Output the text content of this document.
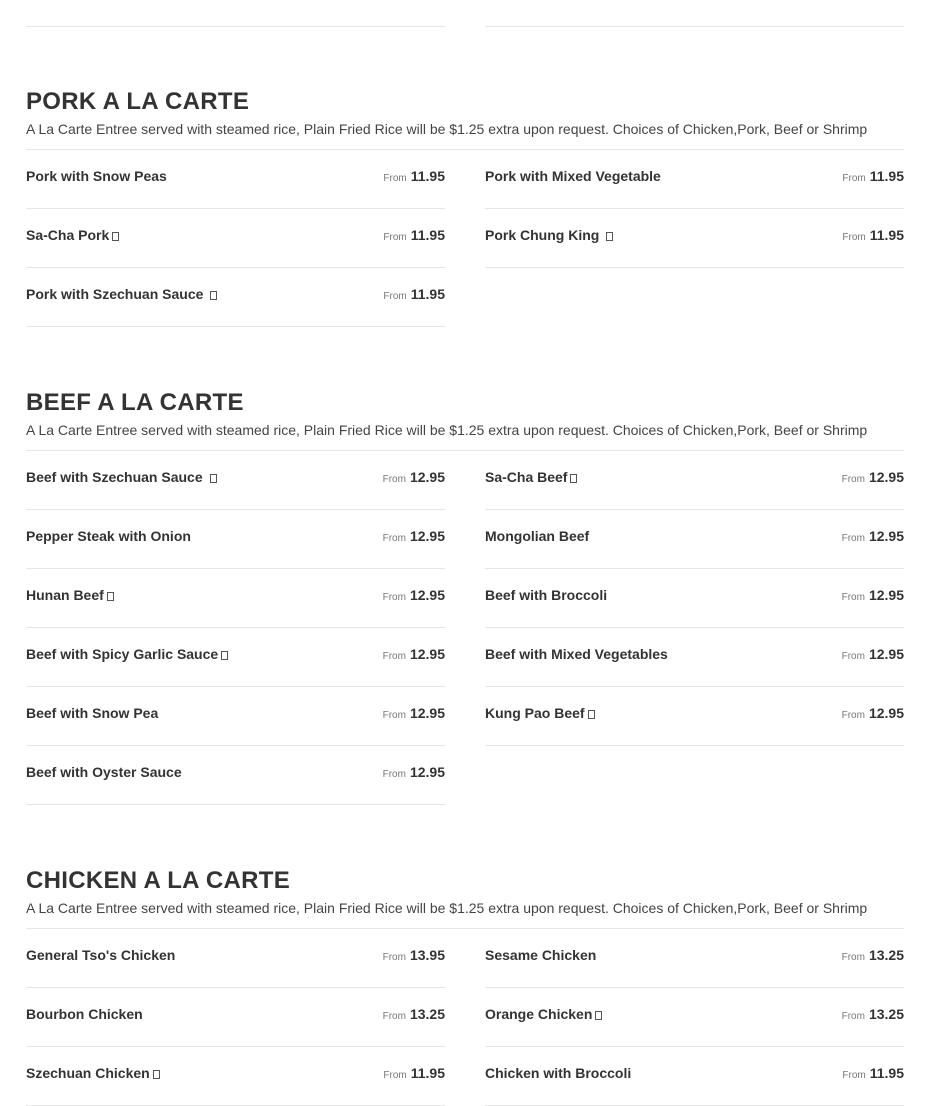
PORK A LA CARTE
A La Carte Entree served with steamed rice, Plain Fried Rice will be $1.25 extra upon request. Choices of Chicken,Pork, Beef or Shrimp
Pork with Snow Peas	From 11.95
Sa-Cha Pork	From 11.95
Pork with Szechuan Sauce	From 11.95
Pork with Mixed Vegetable	From 11.95
Pork Chung King	From 11.95
BEEF A LA CARTE
A La Carte Entree served with steamed rice, Plain Fried Rice will be $1.25 extra upon request. Choices of Chicken,Pork, Beef or Shrimp
Beef with Szechuan Sauce	From 12.95
Pepper Steak with Onion	From 12.95
Hunan Beef	From 12.95
Beef with Spicy Garlic Sauce	From 12.95
Beef with Snow Pea	From 12.95
Beef with Oyster Sauce	From 12.95
Sa-Cha Beef	From 12.95
Mongolian Beef	From 12.95
Beef with Broccoli	From 12.95
Beef with Mixed Vegetables	From 12.95
Kung Pao Beef	From 12.95
CHICKEN A LA CARTE
A La Carte Entree served with steamed rice, Plain Fried Rice will be $1.25 extra upon request. Choices of Chicken,Pork, Beef or Shrimp
General Tso's Chicken	From 13.95
Bourbon Chicken	From 13.25
Szechuan Chicken	From 11.95
Sesame Chicken	From 13.25
Orange Chicken	From 13.25
Chicken with Broccoli	From 11.95
